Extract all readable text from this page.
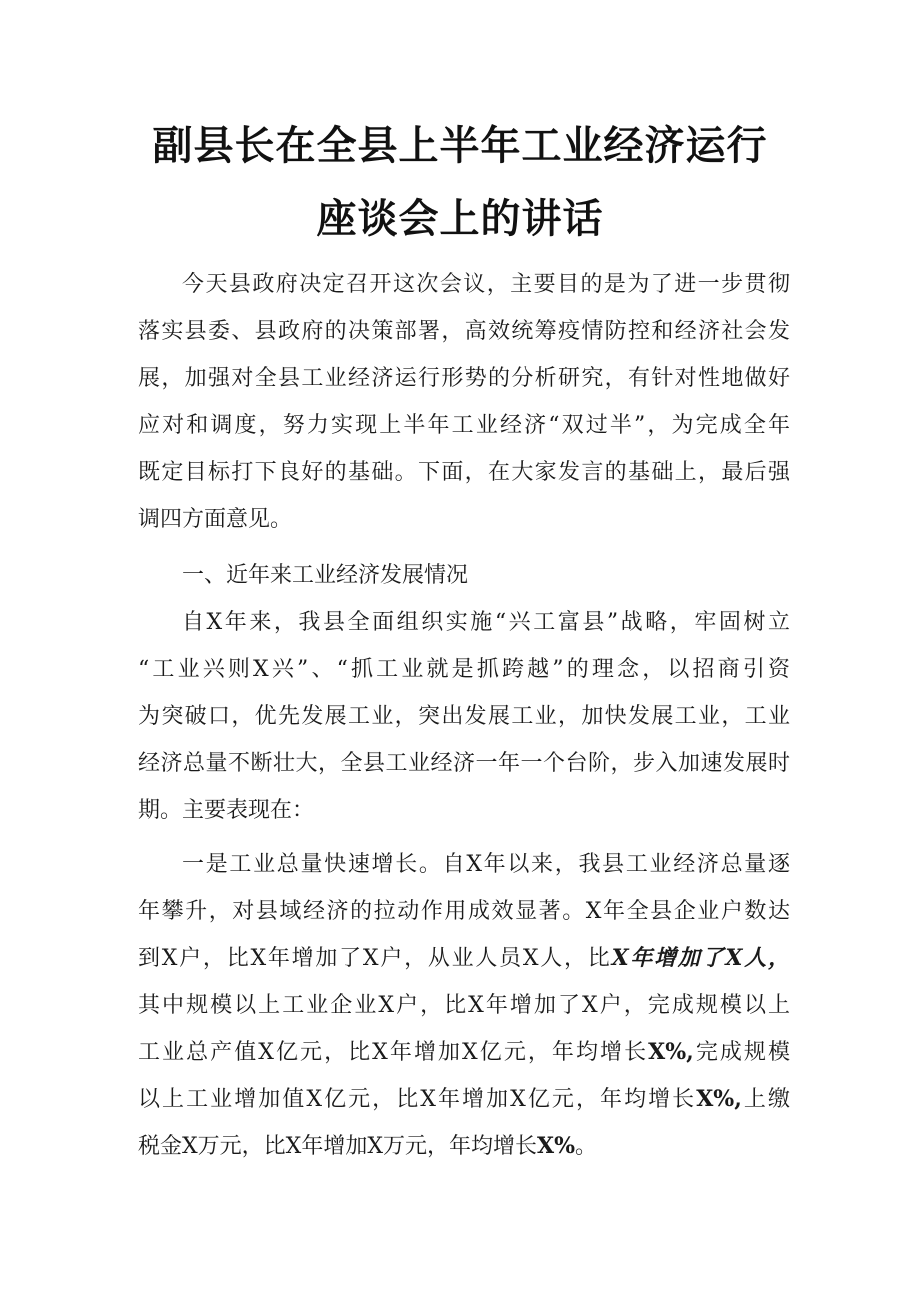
副县长在全县上半年工业经济运行
座谈会上的讲话
今天县政府决定召开这次会议，主要目的是为了进一步贯彻
落实县委、县政府的决策部署，高效统筹疫情防控和经济社会发
展，加强对全县工业经济运行形势的分析研究，有针对性地做好
应对和调度，努力实现上半年工业经济“双过半”，为完成全年
既定目标打下良好的基础。下面，在大家发言的基础上，最后强
调四方面意见。
一、近年来工业经济发展情况
自X年来，我县全面组织实施“兴工富县”战略，牢固树立
“工业兴则X兴”、“抓工业就是抓跨越”的理念，以招商引资
为突破口，优先发展工业，突出发展工业，加快发展工业，工业
经济总量不断壮大，全县工业经济一年一个台阶，步入加速发展时
期。主要表现在：
一是工业总量快速增长。自X年以来，我县工业经济总量逐
年攀升，对县域经济的拉动作用成效显著。X年全县企业户数达
到X户，比X年增加了X户，从业人员X人，比X年增加了X人，
其中规模以上工业企业X户，比X年增加了X户，完成规模以上
工业总产值X亿元，比X年增加X亿元，年均增长X%,完成规模
以上工业增加值X亿元，比X年增加X亿元，年均增长X%,上缴
税金X万元，比X年增加X万元，年均增长X%。
